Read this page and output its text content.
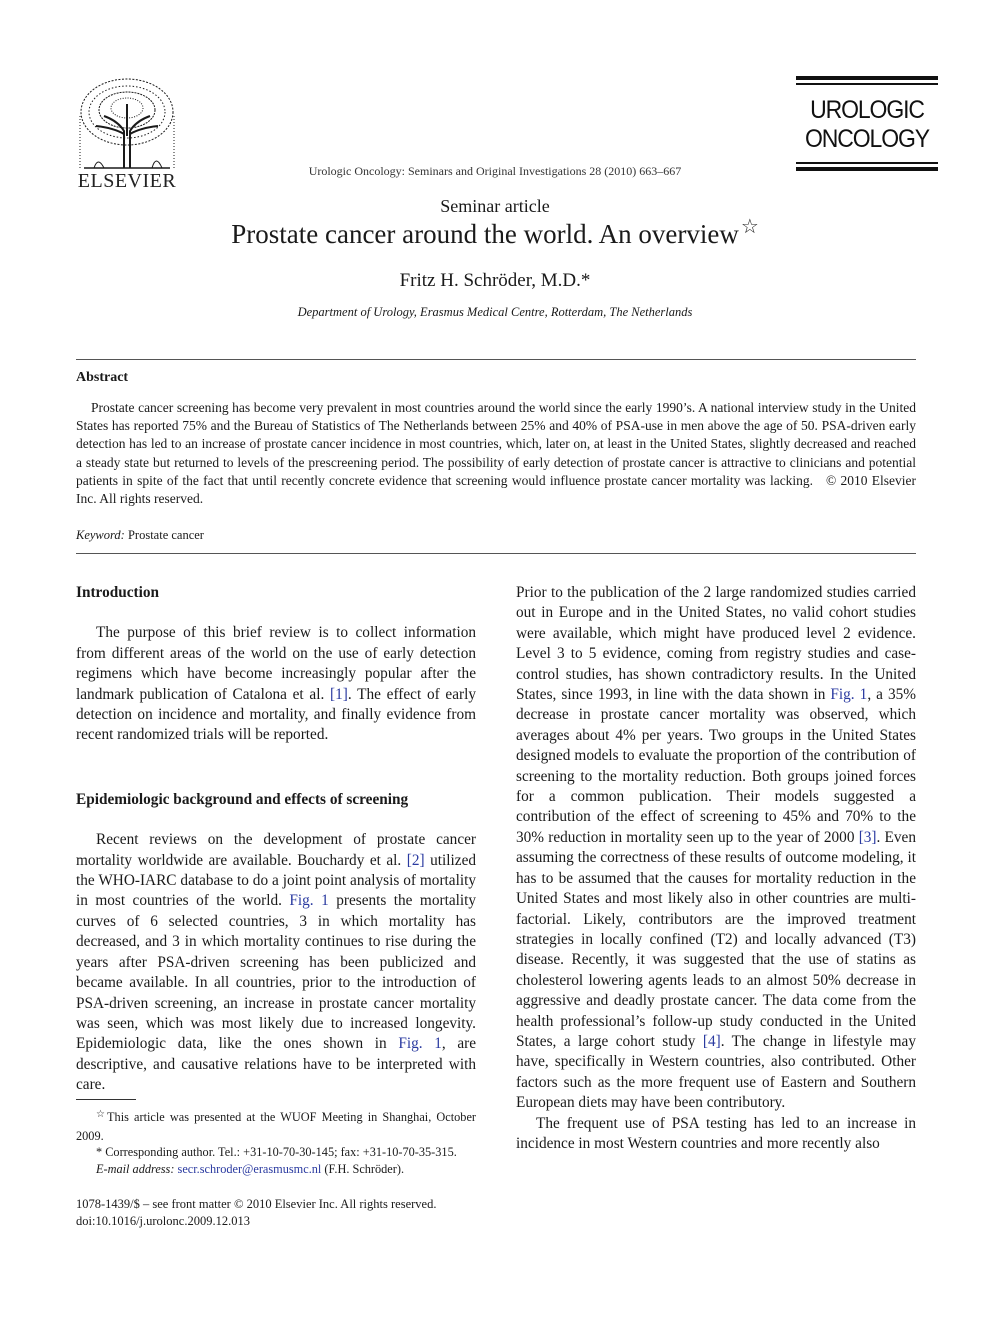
ELSEVIER	Urologic Oncology: Seminars and Original Investigations 28 (2010) 663–667
UROLOGIC
ONCOLOGY
Seminar article
Prostate cancer around the world. An overview ☆
Fritz H. Schröder, M.D.*
Department of Urology, Erasmus Medical Centre, Rotterdam, The Netherlands
Abstract
Prostate cancer screening has become very prevalent in most countries around the world since the early 1990’s. A national interview study in the United States has reported 75% and the Bureau of Statistics of The Netherlands between 25% and 40% of PSA-use in men above the age of 50. PSA-driven early detection has led to an increase of prostate cancer incidence in most countries, which, later on, at least in the United States, slightly decreased and reached a steady state but returned to levels of the prescreening period. The possibility of early detection of prostate cancer is attractive to clinicians and potential patients in spite of the fact that until recently concrete evidence that screening would influence prostate cancer mortality was lacking. © 2010 Elsevier Inc. All rights reserved.
Keyword: Prostate cancer

Introduction

The purpose of this brief review is to collect information from different areas of the world on the use of early detection regimens which have become increasingly popular after the landmark publication of Catalona et al. [1]. The effect of early detection on incidence and mortality, and finally evidence from recent randomized trials will be reported.

Epidemiologic background and effects of screening

Recent reviews on the development of prostate cancer mortality worldwide are available. Bouchardy et al. [2] utilized the WHO-IARC database to do a joint point analysis of mortality in most countries of the world. Fig. 1 presents the mortality curves of 6 selected countries, 3 in which mortality has decreased, and 3 in which mortality continues to rise during the years after PSA-driven screening has been publicized and became available. In all countries, prior to the introduction of PSA-driven screening, an increase in prostate cancer mortality was seen, which was most likely due to increased longevity. Epidemiologic data, like the ones shown in Fig. 1, are descriptive, and causative relations have to be interpreted with care.

Prior to the publication of the 2 large randomized studies carried out in Europe and in the United States, no valid cohort studies were available, which might have produced level 2 evidence. Level 3 to 5 evidence, coming from registry studies and case-control studies, has shown contradictory results. In the United States, since 1993, in line with the data shown in Fig. 1, a 35% decrease in prostate cancer mortality was observed, which averages about 4% per years. Two groups in the United States designed models to evaluate the proportion of the contribution of screening to the mortality reduction. Both groups joined forces for a common publication. Their models suggested a contribution of the effect of screening to 45% and 70% to the 30% reduction in mortality seen up to the year of 2000 [3]. Even assuming the correctness of these results of outcome modeling, it has to be assumed that the causes for mortality reduction in the United States and most likely also in other countries are multi-factorial. Likely, contributors are the improved treatment strategies in locally confined (T2) and locally advanced (T3) disease. Recently, it was suggested that the use of statins as cholesterol lowering agents leads to an almost 50% decrease in aggressive and deadly prostate cancer. The data come from the health professional’s follow-up study conducted in the United States, a large cohort study [4]. The change in lifestyle may have, specifically in Western countries, also contributed. Other factors such as the more frequent use of Eastern and Southern European diets may have been contributory.

The frequent use of PSA testing has led to an increase in incidence in most Western countries and more recently also

☆This article was presented at the WUOF Meeting in Shanghai, October 2009.

* Corresponding author. Tel.: +31-10-70-30-145; fax: +31-10-70-35-315.

E-mail address: secr.schroder@erasmusmc.nl (F.H. Schröder).

1078-1439/$ – see front matter © 2010 Elsevier Inc. All rights reserved.
doi:10.1016/j.urolonc.2009.12.013
